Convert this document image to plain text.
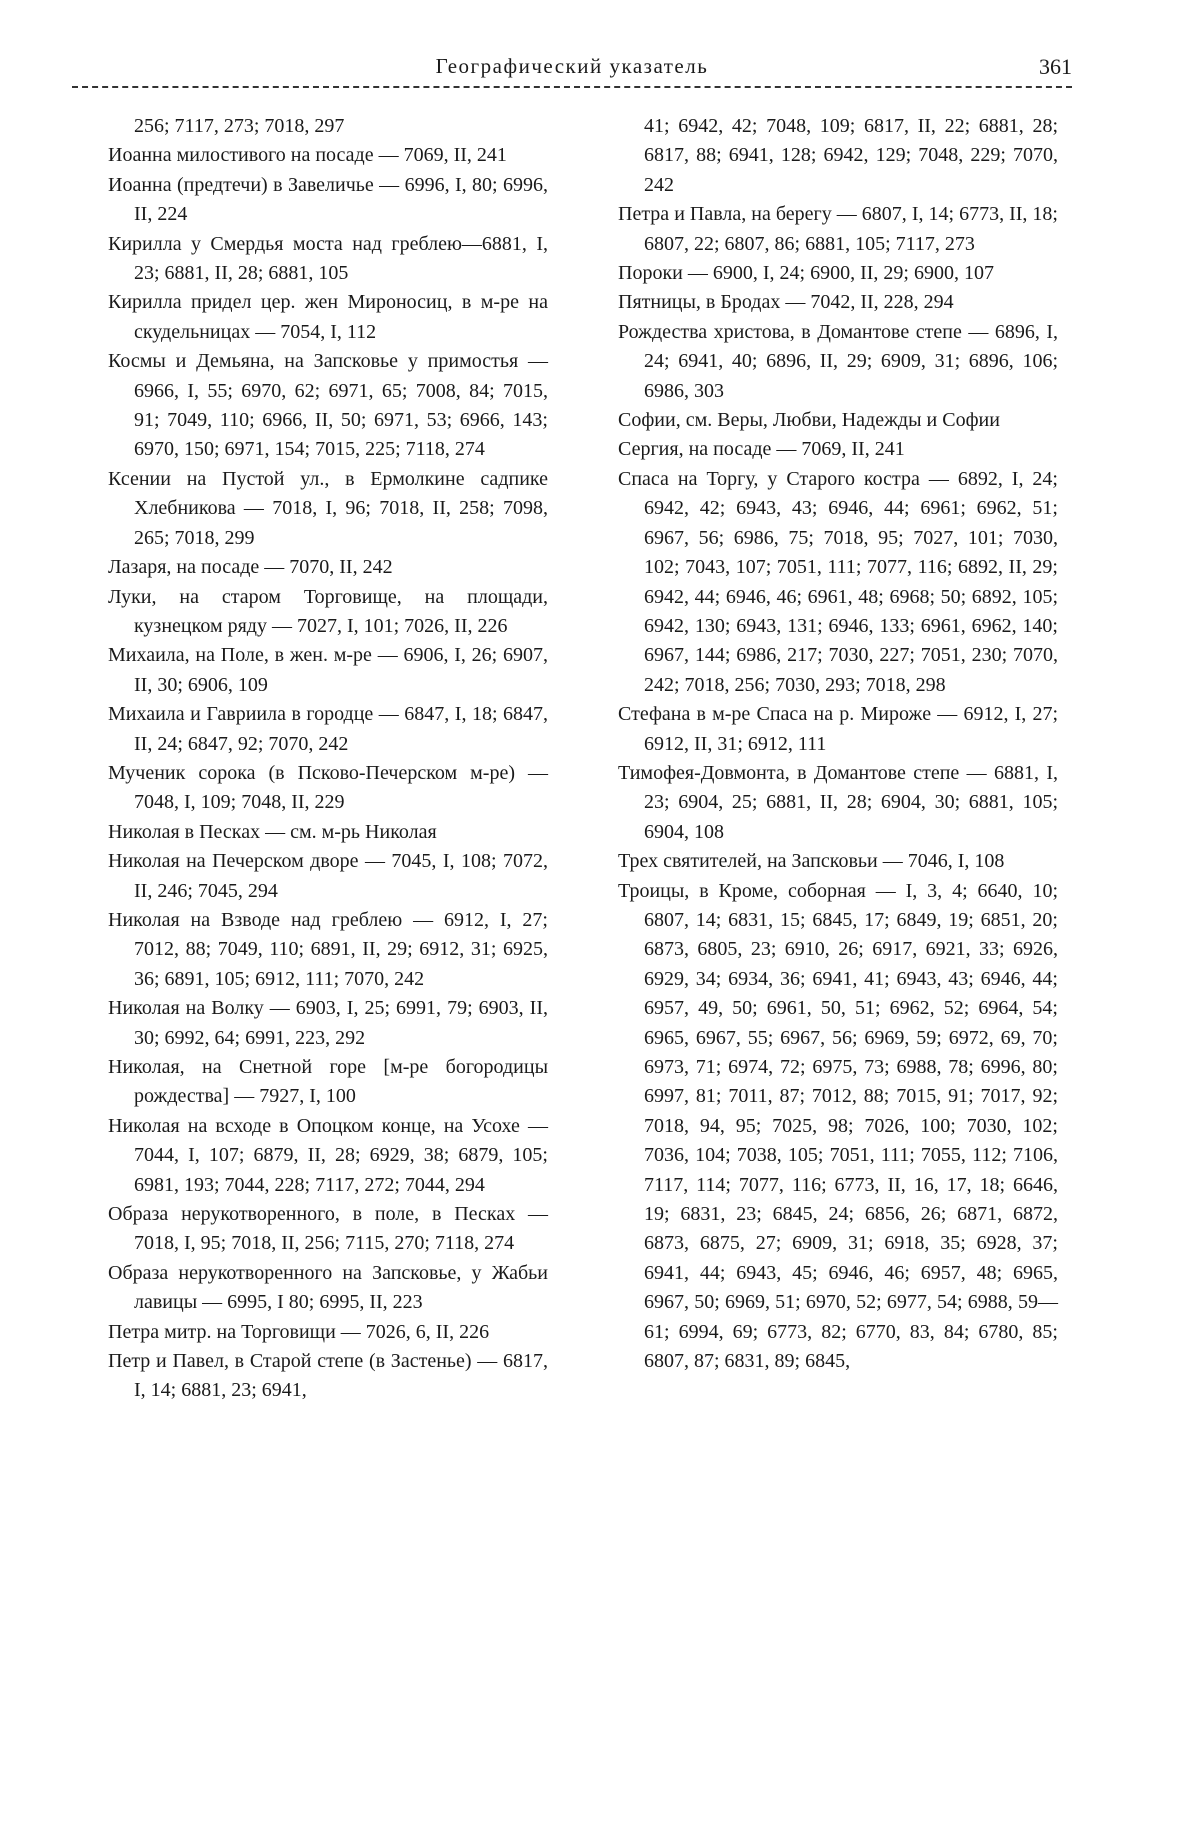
Географический указатель	361

256; 7117, 273; 7018, 297

Иоанна милостивого на посаде — 7069, II, 241

Иоанна (предтечи) в Завеличье — 6996, I, 80; 6996, II, 224

Кирилла у Смердья моста над греблею—6881, I, 23; 6881, II, 28; 6881, 105

Кирилла придел цер. жен Мироносиц, в м-ре на скудельницах — 7054, I, 112

Космы и Демьяна, на Запсковье у примостья — 6966, I, 55; 6970, 62; 6971, 65; 7008, 84; 7015, 91; 7049, 110; 6966, II, 50; 6971, 53; 6966, 143; 6970, 150; 6971, 154; 7015, 225; 7118, 274

Ксении на Пустой ул., в Ермолкине садпике Хлебникова — 7018, I, 96; 7018, II, 258; 7098, 265; 7018, 299

Лазаря, на посаде — 7070, II, 242

Луки, на старом Торговище, на площади, кузнецком ряду — 7027, I, 101; 7026, II, 226

Михаила, на Поле, в жен. м-ре — 6906, I, 26; 6907, II, 30; 6906, 109

Михаила и Гавриила в городце — 6847, I, 18; 6847, II, 24; 6847, 92; 7070, 242

Мученик сорока (в Псково-Печерском м-ре) — 7048, I, 109; 7048, II, 229

Николая в Песках — см. м-рь Николая

Николая на Печерском дворе — 7045, I, 108; 7072, II, 246; 7045, 294

Николая на Взводе над греблею — 6912, I, 27; 7012, 88; 7049, 110; 6891, II, 29; 6912, 31; 6925, 36; 6891, 105; 6912, 111; 7070, 242

Николая на Волку — 6903, I, 25; 6991, 79; 6903, II, 30; 6992, 64; 6991, 223, 292

Николая, на Снетной горе [м-ре богородицы рождества] — 7927, I, 100

Николая на всходе в Опоцком конце, на Усохе — 7044, I, 107; 6879, II, 28; 6929, 38; 6879, 105; 6981, 193; 7044, 228; 7117, 272; 7044, 294

Образа нерукотворенного, в поле, в Песках — 7018, I, 95; 7018, II, 256; 7115, 270; 7118, 274

Образа нерукотворенного на Запсковье, у Жабьи лавицы — 6995, I 80; 6995, II, 223

Петра митр. на Торговищи — 7026, 6, II, 226

Петр и Павел, в Старой степе (в Застенье) — 6817, I, 14; 6881, 23; 6941,

41; 6942, 42; 7048, 109; 6817, II, 22; 6881, 28; 6817, 88; 6941, 128; 6942, 129; 7048, 229; 7070, 242

Петра и Павла, на берегу — 6807, I, 14; 6773, II, 18; 6807, 22; 6807, 86; 6881, 105; 7117, 273

Пороки — 6900, I, 24; 6900, II, 29; 6900, 107

Пятницы, в Бродах — 7042, II, 228, 294

Рождества христова, в Домантове степе — 6896, I, 24; 6941, 40; 6896, II, 29; 6909, 31; 6896, 106; 6986, 303

Софии, см. Веры, Любви, Надежды и Софии

Сергия, на посаде — 7069, II, 241

Спаса на Торгу, у Старого костра — 6892, I, 24; 6942, 42; 6943, 43; 6946, 44; 6961; 6962, 51; 6967, 56; 6986, 75; 7018, 95; 7027, 101; 7030, 102; 7043, 107; 7051, 111; 7077, 116; 6892, II, 29; 6942, 44; 6946, 46; 6961, 48; 6968; 50; 6892, 105; 6942, 130; 6943, 131; 6946, 133; 6961, 6962, 140; 6967, 144; 6986, 217; 7030, 227; 7051, 230; 7070, 242; 7018, 256; 7030, 293; 7018, 298

Стефана в м-ре Спаса на р. Мирожe — 6912, I, 27; 6912, II, 31; 6912, 111

Тимофея-Довмонта, в Домантове степе — 6881, I, 23; 6904, 25; 6881, II, 28; 6904, 30; 6881, 105; 6904, 108

Трех святителей, на Запсковьи — 7046, I, 108

Троицы, в Кроме, соборная — I, 3, 4; 6640, 10; 6807, 14; 6831, 15; 6845, 17; 6849, 19; 6851, 20; 6873, 6805, 23; 6910, 26; 6917, 6921, 33; 6926, 6929, 34; 6934, 36; 6941, 41; 6943, 43; 6946, 44; 6957, 49, 50; 6961, 50, 51; 6962, 52; 6964, 54; 6965, 6967, 55; 6967, 56; 6969, 59; 6972, 69, 70; 6973, 71; 6974, 72; 6975, 73; 6988, 78; 6996, 80; 6997, 81; 7011, 87; 7012, 88; 7015, 91; 7017, 92; 7018, 94, 95; 7025, 98; 7026, 100; 7030, 102; 7036, 104; 7038, 105; 7051, 111; 7055, 112; 7106, 7117, 114; 7077, 116; 6773, II, 16, 17, 18; 6646, 19; 6831, 23; 6845, 24; 6856, 26; 6871, 6872, 6873, 6875, 27; 6909, 31; 6918, 35; 6928, 37; 6941, 44; 6943, 45; 6946, 46; 6957, 48; 6965, 6967, 50; 6969, 51; 6970, 52; 6977, 54; 6988, 59—61; 6994, 69; 6773, 82; 6770, 83, 84; 6780, 85; 6807, 87; 6831, 89; 6845,
